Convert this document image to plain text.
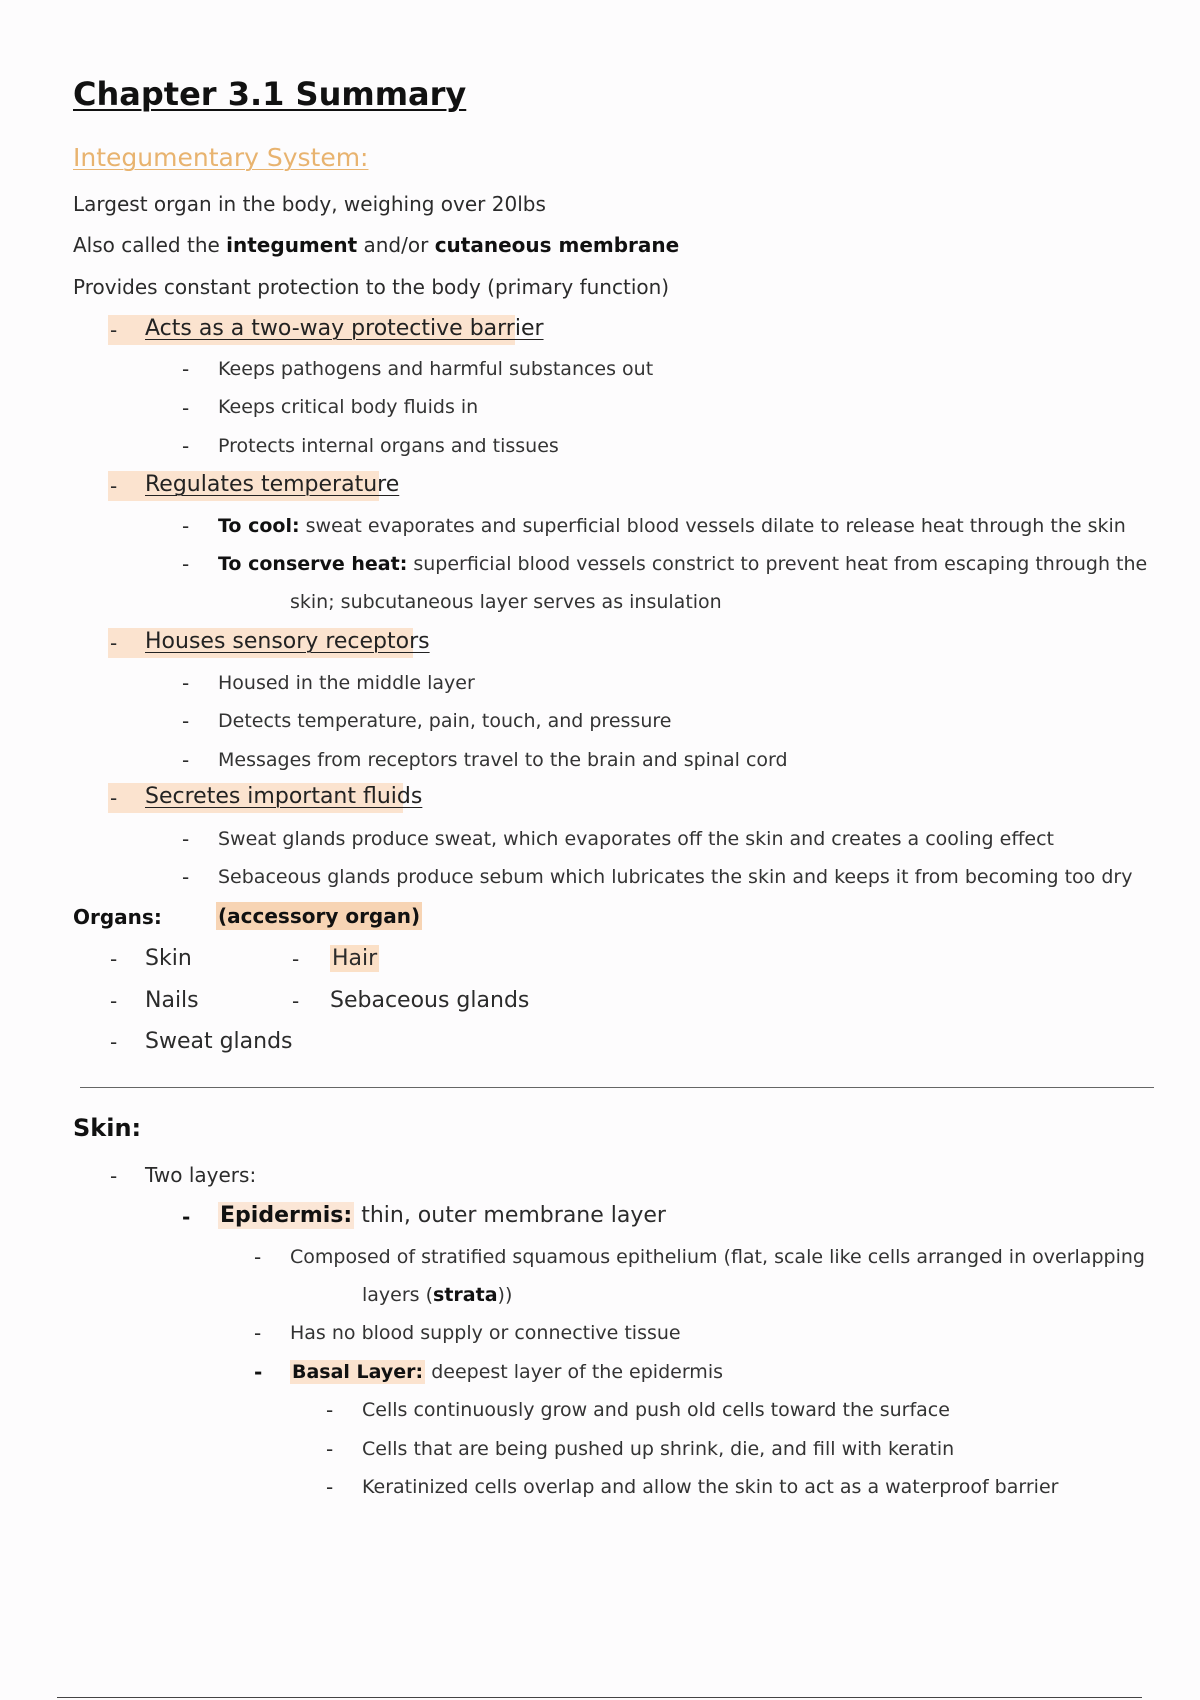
Chapter 3.1 Summary
Integumentary System:
Largest organ in the body, weighing over 20lbs
Also called the integument and/or cutaneous membrane
Provides constant protection to the body (primary function)
- Acts as a two-way protective barrier
- Keeps pathogens and harmful substances out
- Keeps critical body fluids in
- Protects internal organs and tissues
- Regulates temperature
- To cool: sweat evaporates and superficial blood vessels dilate to release heat through the skin
- To conserve heat: superficial blood vessels constrict to prevent heat from escaping through the
skin; subcutaneous layer serves as insulation
- Houses sensory receptors
- Housed in the middle layer
- Detects temperature, pain, touch, and pressure
- Messages from receptors travel to the brain and spinal cord
- Secretes important fluids
- Sweat glands produce sweat, which evaporates off the skin and creates a cooling effect
- Sebaceous glands produce sebum which lubricates the skin and keeps it from becoming too dry
Organs:	(accessory organ)
- Skin	- Hair
- Nails	- Sebaceous glands
- Sweat glands
Skin:
- Two layers:
- Epidermis: thin, outer membrane layer
- Composed of stratified squamous epithelium (flat, scale like cells arranged in overlapping
layers (strata))
- Has no blood supply or connective tissue
- Basal Layer: deepest layer of the epidermis
- Cells continuously grow and push old cells toward the surface
- Cells that are being pushed up shrink, die, and fill with keratin
- Keratinized cells overlap and allow the skin to act as a waterproof barrier
